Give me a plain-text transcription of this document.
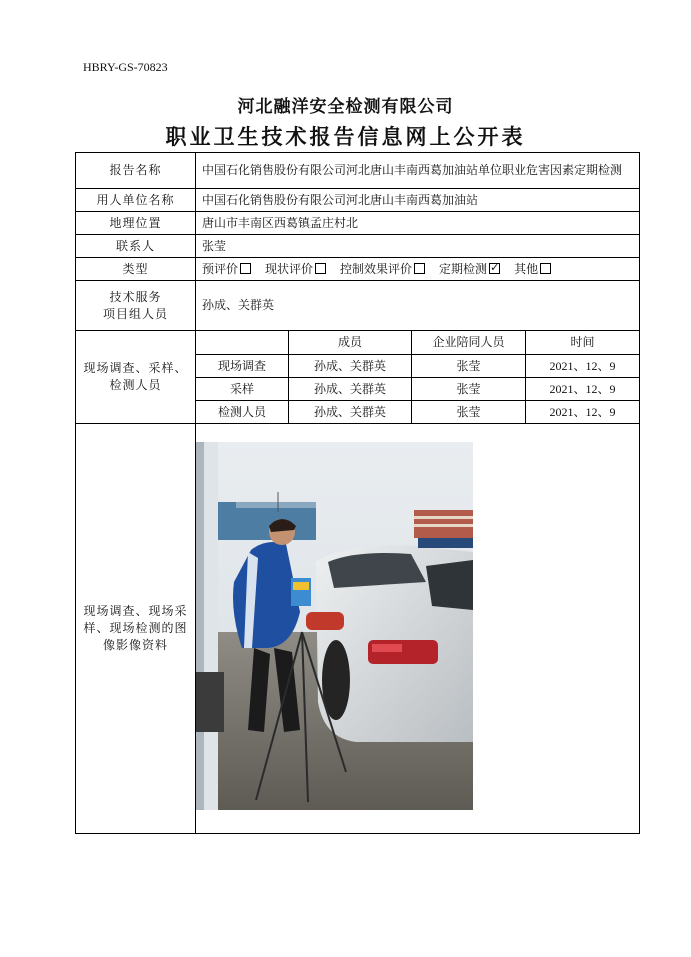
HBRY-GS-70823
河北融洋安全检测有限公司
职业卫生技术报告信息网上公开表
报告名称	中国石化销售股份有限公司河北唐山丰南西葛加油站单位职业危害因素定期检测			
用人单位名称	中国石化销售股份有限公司河北唐山丰南西葛加油站			
地理位置	唐山市丰南区西葛镇孟庄村北			
联系人	张莹			
类型	预评价 现状评价 控制效果评价 定期检测 ✓ 其他

技术服务
项目组人员	孙成、关群英			
现场调查、采样、检测人员		成员	企业陪同人员	时间
	现场调查	孙成、关群英	张莹	2021、12、9
	采样	孙成、关群英	张莹	2021、12、9
	检测人员	孙成、关群英	张莹	2021、12、9
现场调查、现场采样、现场检测的图像影像资料	
